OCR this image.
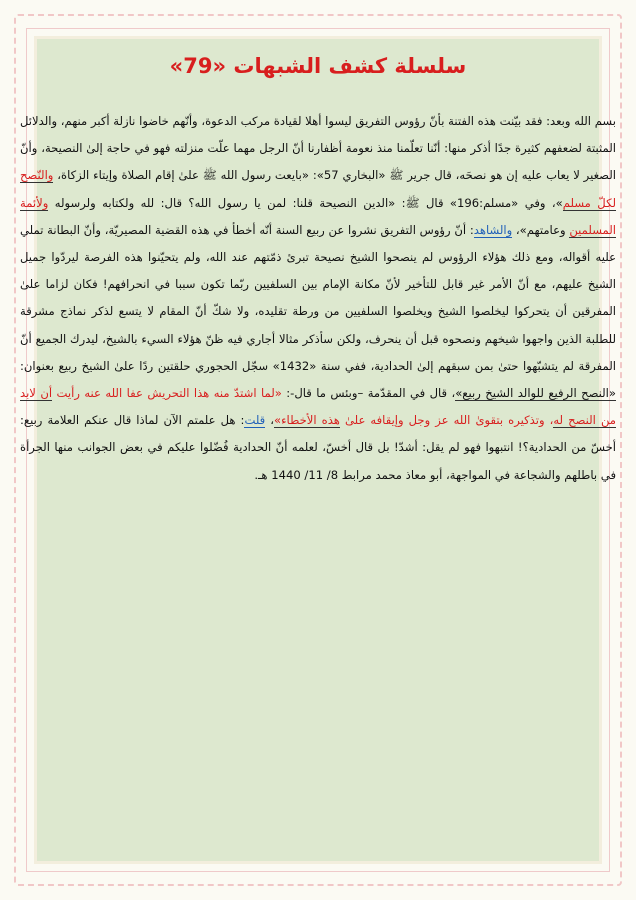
سلسلة كشف الشبهات «79»

بسم الله وبعد: فقد بيّنت هذه الفتنة بأنّ رؤوس التفريق ليسوا أهلا لقيادة مركب الدعوة، وأنّهم خاضوا نازلة أكبر منهم، والدلائل المثبتة لضعفهم كثيرة جدًا أذكر منها: أنّنا تعلّمنا منذ نعومة أظفارنا أنّ الرجل مهما علّت منزلته فهو في حاجة إلىٰ النصيحة، وأنّ الصغير لا يعاب عليه إن هو نصحَه، قال جرير ﷺ «البخاري 57»: «بايعت رسول الله ﷺ علىٰ إقام الصلاة وإيتاء الزكاة، والنّصح لكلّ مسلم»، وفي «مسلم:196» قال ﷺ: «الدين النصيحة قلنا: لمن يا رسول الله؟ قال: لله ولكتابه ولرسوله ولأئمة المسلمين وعامتهم»، والشاهد: أنّ رؤوس التفريق نشروا عن ربيع السنة أنّه أخطأ في هذه القضية المصيريّة، وأنّ البطانة تملي عليه أقواله، ومع ذلك هؤلاء الرؤوس لم ينصحوا الشيخ نصيحة تبرئ ذمّتهم عند الله، ولم يتحيّنوا هذه الفرصة ليردّوا جميل الشيخ عليهم، مع أنّ الأمر غير قابل للتأخير لأنّ مكانة الإمام بين السلفيين ربّما تكون سببا في انحرافهم! فكان لزاما علىٰ المفرقين أن يتحركوا ليخلصوا الشيخ ويخلصوا السلفيين من ورطة تقليده، ولا شكّ أنّ المقام لا يتسع لذكر نماذج مشرقة للطلبة الذين واجهوا شيخهم ونصحوه قبل أن ينحرف، ولكن سأذكر مثالا أجاري فيه ظنّ هؤلاء السيء بالشيخ، ليدرك الجميع أنّ المفرقة لم يتشبّهوا حتىٰ بمن سبقهم إلىٰ الحدادية، ففي سنة «1432» سجّل الحجوري حلقتين ردًا علىٰ الشيخ ربيع بعنوان: «النصح الرفيع للوالد الشيخ ربيع»، قال في المقدّمة –وبئس ما قال-: «لما اشتدّ منه هذا التحريش عفا الله عنه رأيت أن لابد من النصح له، وتذكيره بتقوىٰ الله عز وجل وإيقافه علىٰ هذه الأخطاء»، قلت: هل علمتم الآن لماذا قال عنكم العلامة ربيع: أخسّ من الحدادية؟! انتبهوا فهو لم يقل: أشدّ! بل قال أخسّ، لعلمه أنّ الحدادية فُضّلوا عليكم في بعض الجوانب منها الجرأة في باطلهم والشجاعة في المواجهة، أبو معاذ محمد مرابط 8/ 11/ 1440 هـ.
